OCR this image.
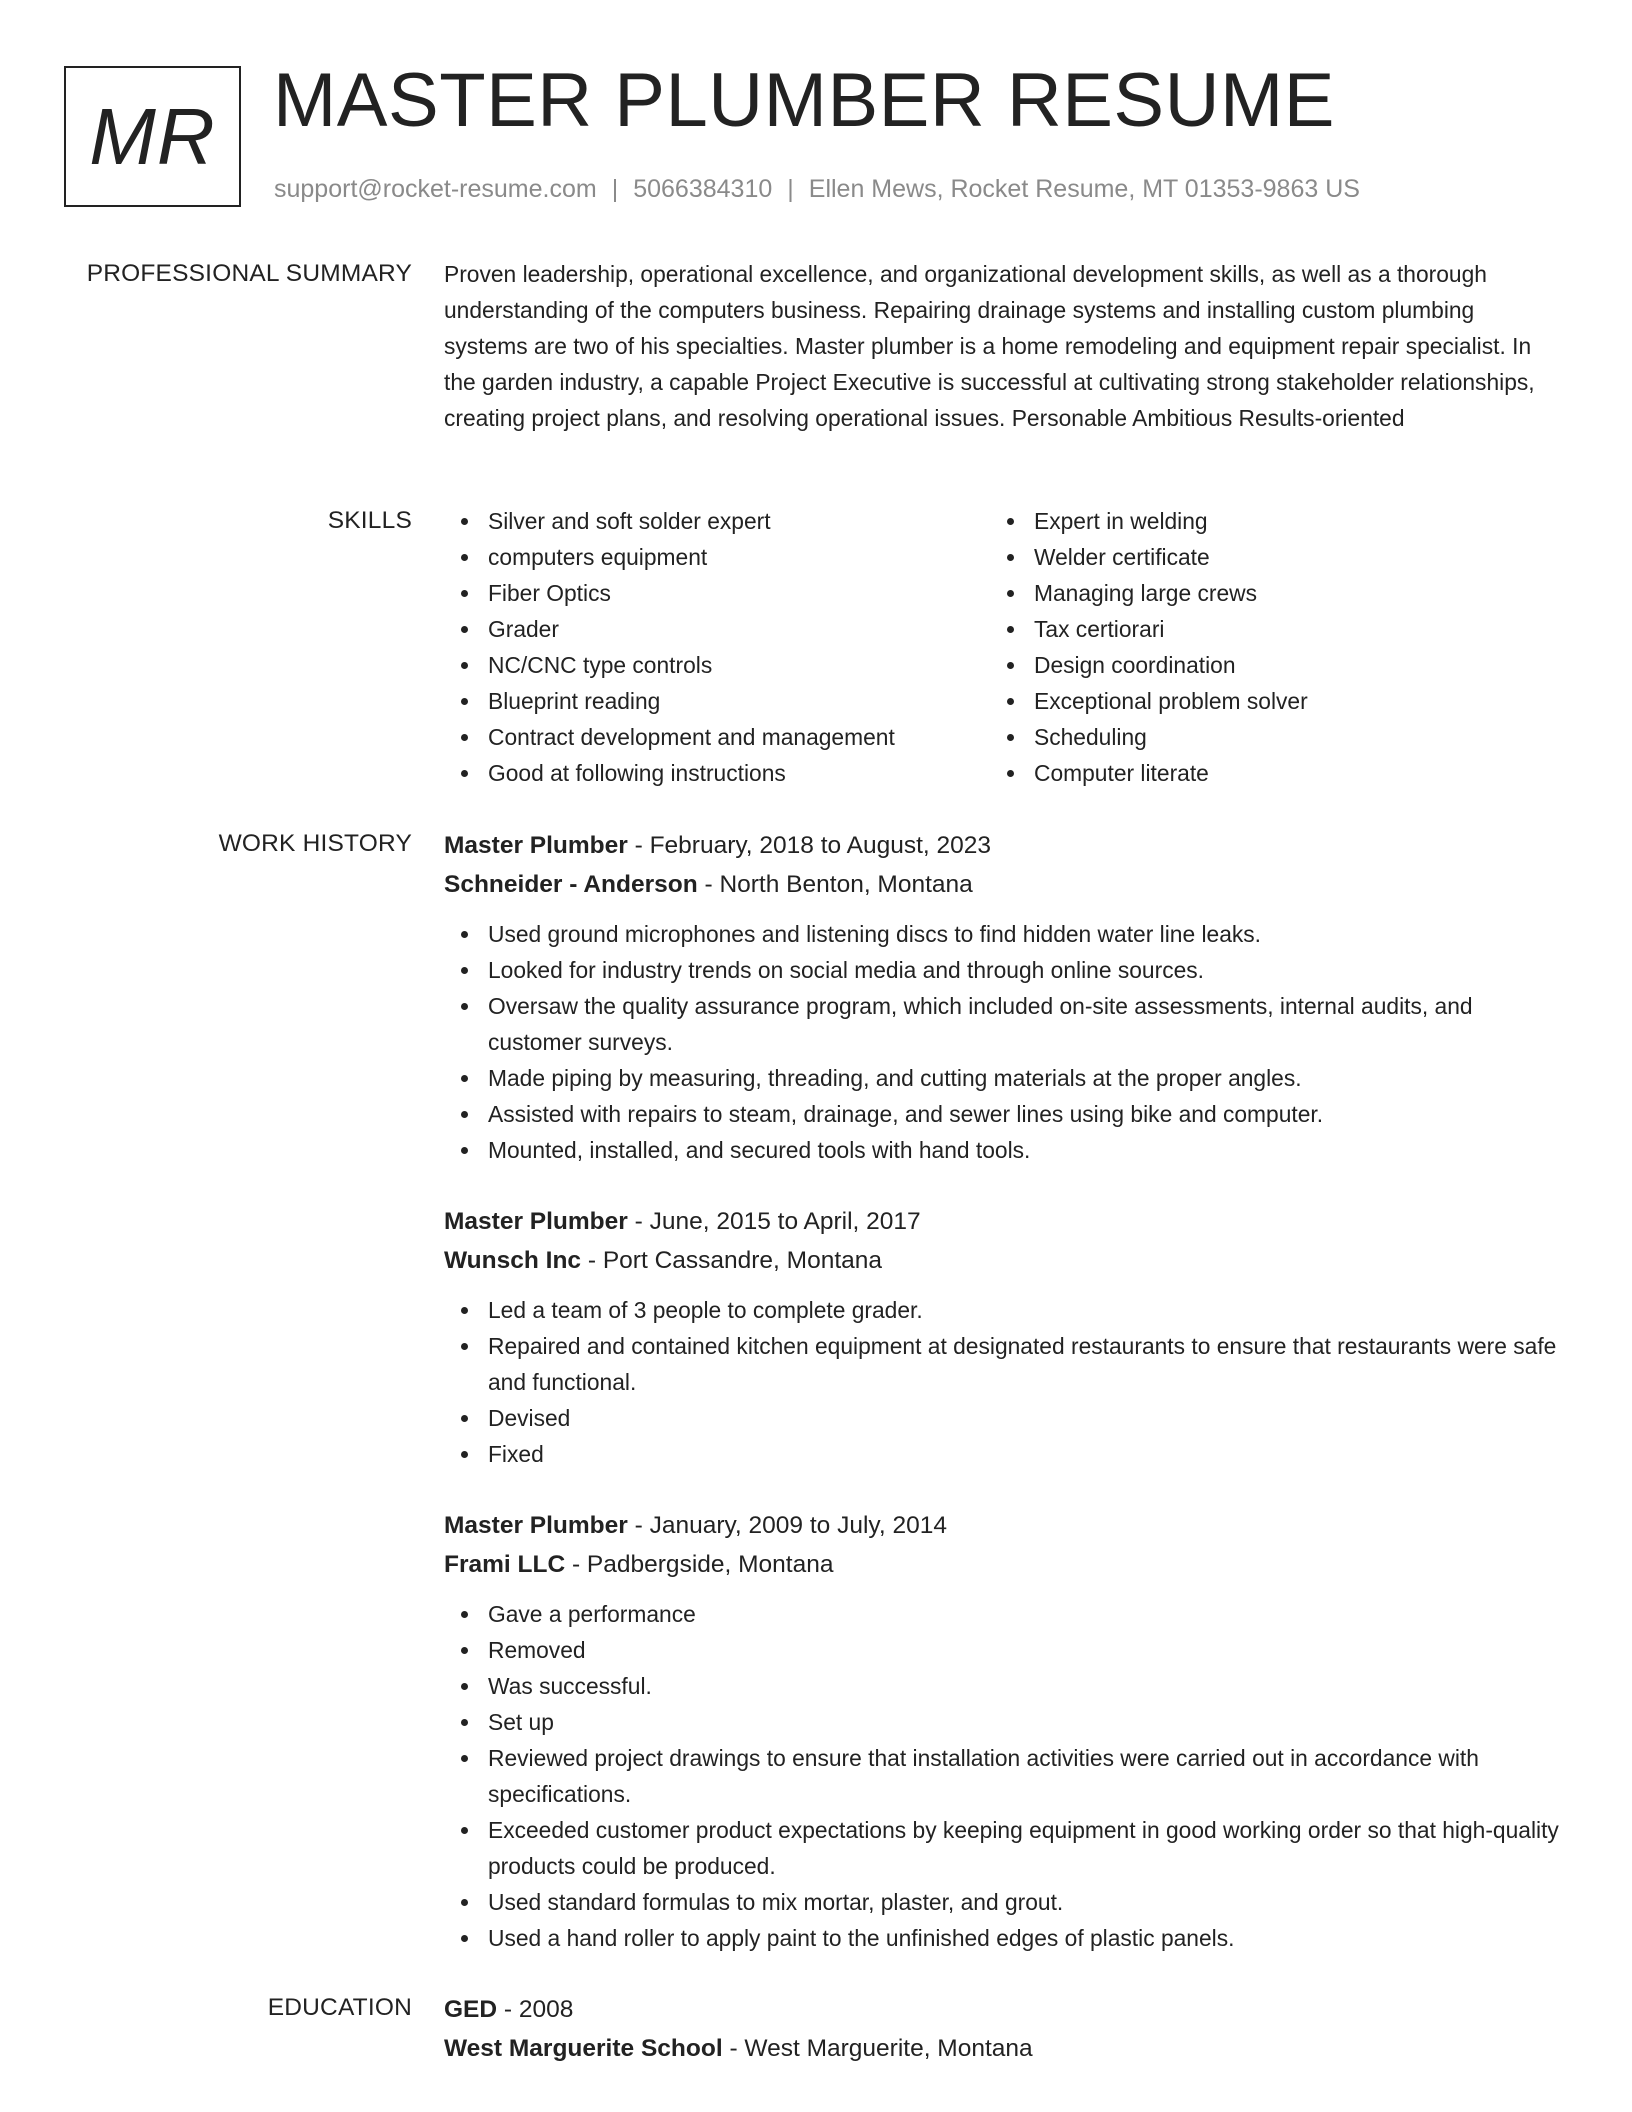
MR MASTER PLUMBER RESUME
support@rocket-resume.com | 5066384310 | Ellen Mews, Rocket Resume, MT 01353-9863 US
PROFESSIONAL SUMMARY Proven leadership, operational excellence, and organizational development skills, as well as a thorough understanding of the computers business. Repairing drainage systems and installing custom plumbing systems are two of his specialties. Master plumber is a home remodeling and equipment repair specialist. In the garden industry, a capable Project Executive is successful at cultivating strong stakeholder relationships, creating project plans, and resolving operational issues. Personable Ambitious Results-oriented

SKILLS	Silver and soft solder expert
computers equipment
Fiber Optics
Grader
NC/CNC type controls
Blueprint reading
Contract development and management
Good at following instructions
Expert in welding
Welder certificate
Managing large crews
Tax certiorari
Design coordination
Exceptional problem solver
Scheduling
Computer literate
WORK HISTORY Master Plumber - February, 2018 to August, 2023
Schneider - Anderson - North Benton, Montana
Used ground microphones and listening discs to find hidden water line leaks.
Looked for industry trends on social media and through online sources.
Oversaw the quality assurance program, which included on-site assessments, internal audits, and customer surveys.
Made piping by measuring, threading, and cutting materials at the proper angles.
Assisted with repairs to steam, drainage, and sewer lines using bike and computer.
Mounted, installed, and secured tools with hand tools.
Master Plumber - June, 2015 to April, 2017
Wunsch Inc - Port Cassandre, Montana
Led a team of 3 people to complete grader.
Repaired and contained kitchen equipment at designated restaurants to ensure that restaurants were safe and functional.
Devised
Fixed
Master Plumber - January, 2009 to July, 2014
Frami LLC - Padbergside, Montana
Gave a performance
Removed
Was successful.
Set up
Reviewed project drawings to ensure that installation activities were carried out in accordance with specifications.
Exceeded customer product expectations by keeping equipment in good working order so that high-quality products could be produced.
Used standard formulas to mix mortar, plaster, and grout.
Used a hand roller to apply paint to the unfinished edges of plastic panels.
EDUCATION GED - 2008
West Marguerite School - West Marguerite, Montana
